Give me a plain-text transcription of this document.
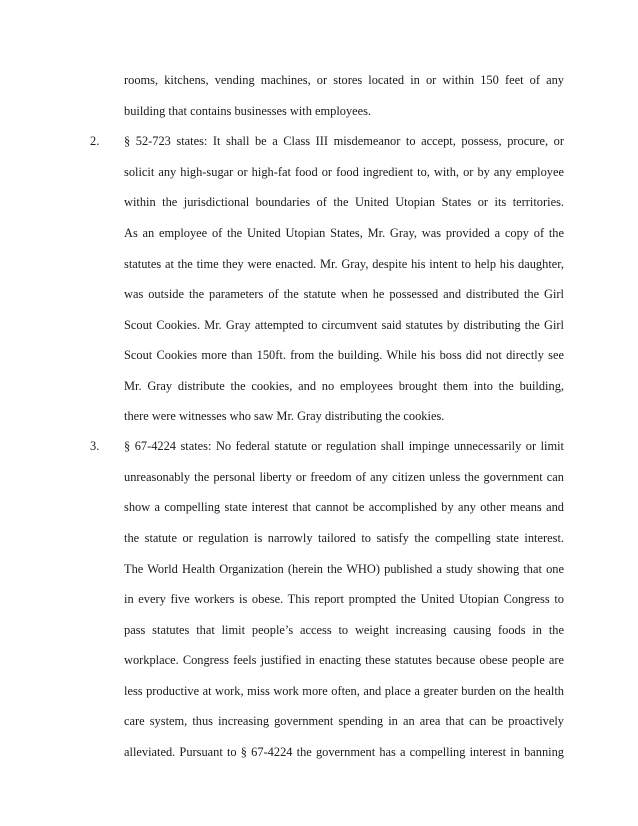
rooms, kitchens, vending machines, or stores located in or within 150 feet of any
building that contains businesses with employees.
2. § 52-723 states: It shall be a Class III misdemeanor to accept, possess, procure, or
solicit any high-sugar or high-fat food or food ingredient to, with, or by any employee
within the jurisdictional boundaries of the United Utopian States or its territories.
As an employee of the United Utopian States, Mr. Gray, was provided a copy of the
statutes at the time they were enacted. Mr. Gray, despite his intent to help his daughter,
was outside the parameters of the statute when he possessed and distributed the Girl
Scout Cookies. Mr. Gray attempted to circumvent said statutes by distributing the Girl
Scout Cookies more than 150ft. from the building. While his boss did not directly see
Mr. Gray distribute the cookies, and no employees brought them into the building,
there were witnesses who saw Mr. Gray distributing the cookies.
3. § 67-4224 states: No federal statute or regulation shall impinge unnecessarily or limit
unreasonably the personal liberty or freedom of any citizen unless the government can
show a compelling state interest that cannot be accomplished by any other means and
the statute or regulation is narrowly tailored to satisfy the compelling state interest.
The World Health Organization (herein the WHO) published a study showing that one
in every five workers is obese. This report prompted the United Utopian Congress to
pass statutes that limit people’s access to weight increasing causing foods in the
workplace. Congress feels justified in enacting these statutes because obese people are
less productive at work, miss work more often, and place a greater burden on the health
care system, thus increasing government spending in an area that can be proactively
alleviated. Pursuant to § 67-4224 the government has a compelling interest in banning
